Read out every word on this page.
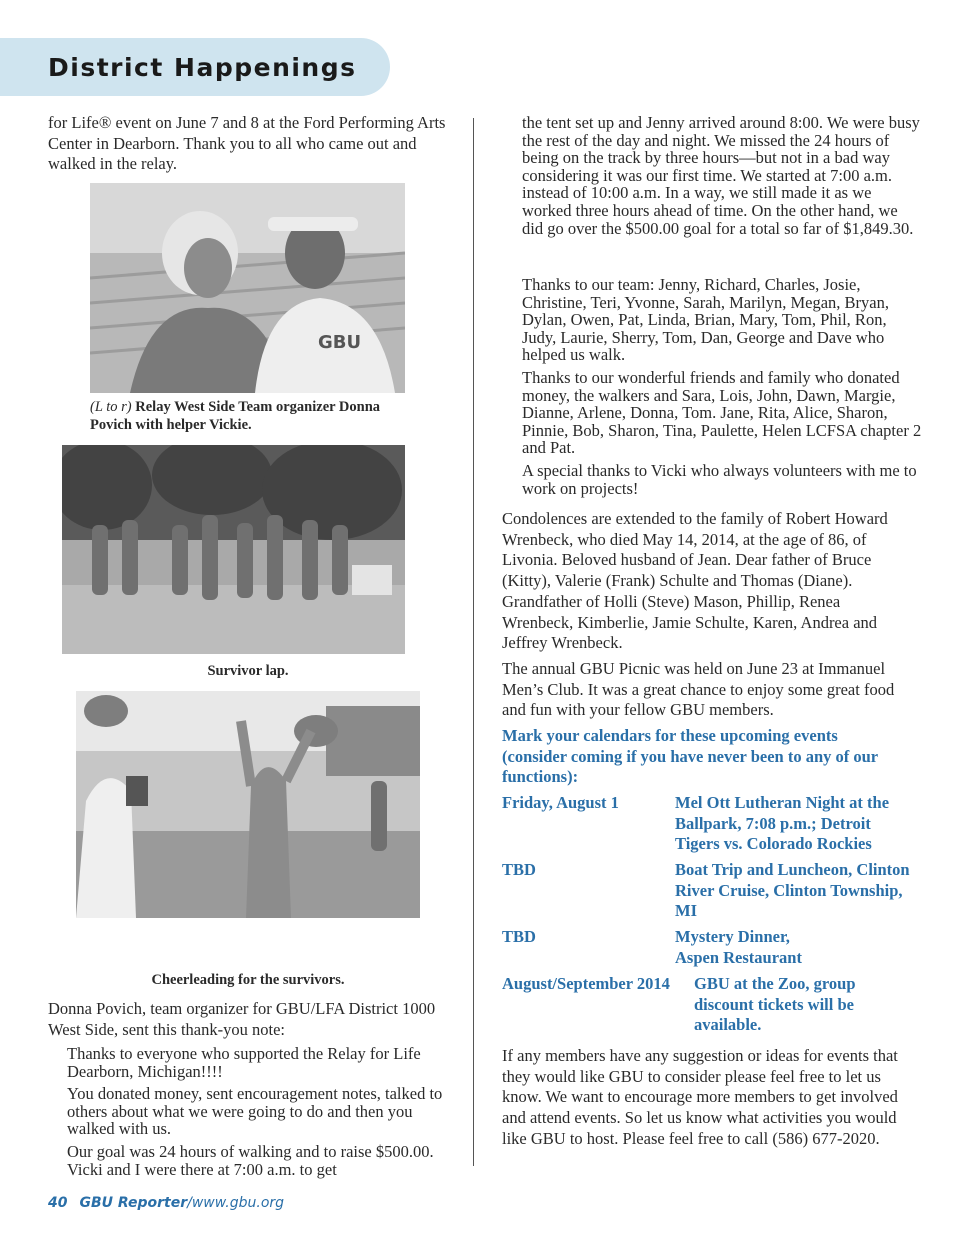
District Happenings

for Life® event on June 7 and 8 at the Ford Performing Arts Center in Dearborn. Thank you to all who came out and walked in the relay.

GBU

(L to r) Relay West Side Team organizer Donna Povich with helper Vickie.

Survivor lap.

Cheerleading for the survivors.

Donna Povich, team organizer for GBU/LFA District 1000 West Side, sent this thank-you note:

Thanks to everyone who supported the Relay for Life Dearborn, Michigan!!!!

You donated money, sent encouragement notes, talked to others about what we were going to do and then you walked with us.

Our goal was 24 hours of walking and to raise $500.00. Vicki and I were there at 7:00 a.m. to get

the tent set up and Jenny arrived around 8:00. We were busy the rest of the day and night. We missed the 24 hours of being on the track by three hours—but not in a bad way considering it was our first time. We started at 7:00 a.m. instead of 10:00 a.m. In a way, we still made it as we worked three hours ahead of time. On the other hand, we did go over the $500.00 goal for a total so far of $1,849.30.

Thanks to our team: Jenny, Richard, Charles, Josie, Christine, Teri, Yvonne, Sarah, Marilyn, Megan, Bryan, Dylan, Owen, Pat, Linda, Brian, Mary, Tom, Phil, Ron, Judy, Laurie, Sherry, Tom, Dan, George and Dave who helped us walk.

Thanks to our wonderful friends and family who donated money, the walkers and Sara, Lois, John, Dawn, Margie, Dianne, Arlene, Donna, Tom. Jane, Rita, Alice, Sharon, Pinnie, Bob, Sharon, Tina, Paulette, Helen LCFSA chapter 2 and Pat.

A special thanks to Vicki who always volunteers with me to work on projects!

Condolences are extended to the family of Robert Howard Wrenbeck, who died May 14, 2014, at the age of 86, of Livonia. Beloved husband of Jean. Dear father of Bruce (Kitty), Valerie (Frank) Schulte and Thomas (Diane). Grandfather of Holli (Steve) Mason, Phillip, Renea Wrenbeck, Kimberlie, Jamie Schulte, Karen, Andrea and Jeffrey Wrenbeck.

The annual GBU Picnic was held on June 23 at Immanuel Men’s Club. It was a great chance to enjoy some great food and fun with your fellow GBU members.

Mark your calendars for these upcoming events (consider coming if you have never been to any of our functions):

Friday, August 1	Mel Ott Lutheran Night at the Ballpark, 7:08 p.m.; Detroit Tigers vs. Colorado Rockies

TBD	Boat Trip and Luncheon, Clinton River Cruise, Clinton Township, MI

TBD	Mystery Dinner, Aspen Restaurant

August/September 2014	GBU at the Zoo, group discount tickets will be available.

If any members have any suggestion or ideas for events that they would like GBU to consider please feel free to let us know. We want to encourage more members to get involved and attend events. So let us know what activities you would like GBU to host. Please feel free to call (586) 677-2020.

40 GBU Reporter/www.gbu.org
